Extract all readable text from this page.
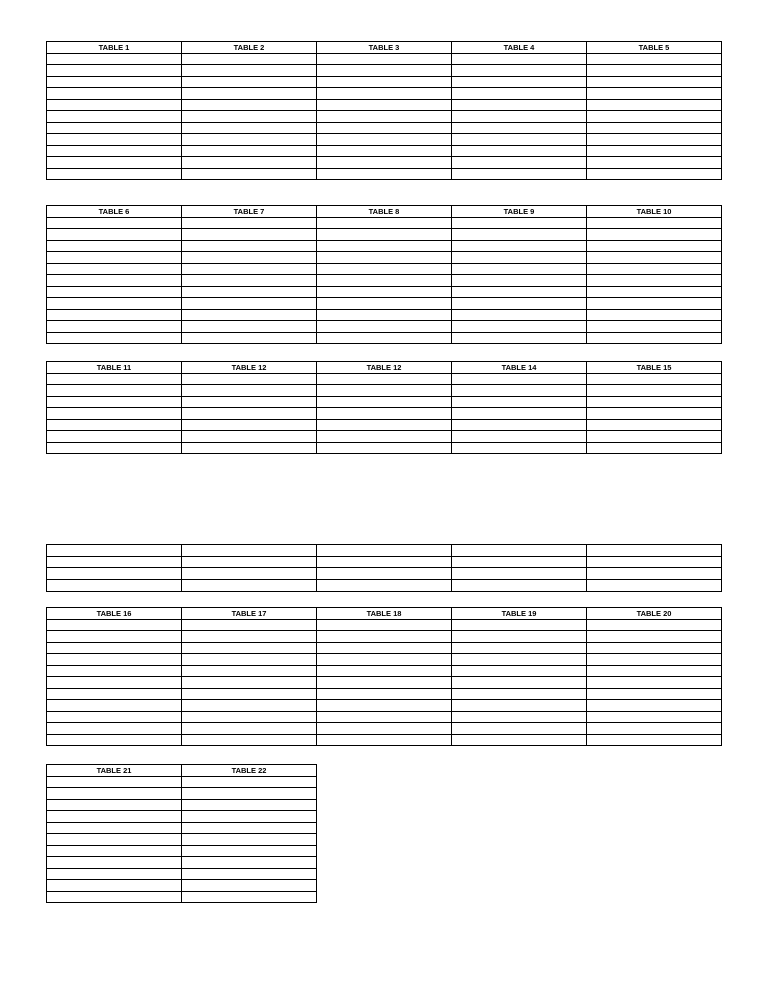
TABLE 1	TABLE 2	TABLE 3	TABLE 4	TABLE 5

TABLE 6	TABLE 7	TABLE 8	TABLE 9	TABLE 10

TABLE 11	TABLE 12	TABLE 12	TABLE 14	TABLE 15

TABLE 16	TABLE 17	TABLE 18	TABLE 19	TABLE 20

TABLE 21	TABLE 22
